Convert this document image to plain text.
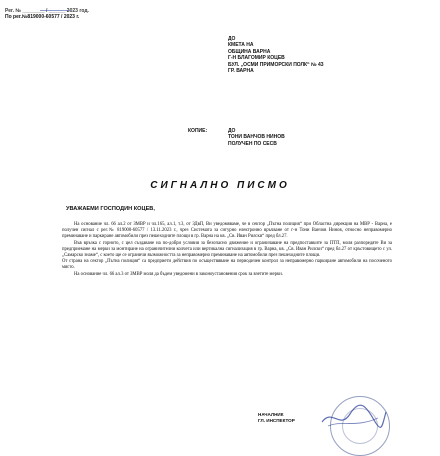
Рег. № ________ / ______ 2023 год.
По рег.№819000-60577 / 2023 г.
ДО
КМЕТА НА
ОБЩИНА ВАРНА
Г-Н БЛАГОМИР КОЦЕВ
БУЛ. „ОСМИ ПРИМОРСКИ ПОЛК“ № 43
ГР. ВАРНА
КОПИЕ:	ДО
ТОНИ ВАНЧОВ НИНОВ
ПОЛУЧЕН ПО СЕСВ
СИГНАЛНО ПИСМО
УВАЖАЕМИ ГОСПОДИН КОЦЕВ,

На основание чл. 66 ал.2 от ЗМВР и чл.165, ал.1, т.3, от ЗДвП, Ви уведомяваме, че в сектор „Пътна полиция“ при Областна дирекция на МВР - Варна, е получен сигнал с рег.№ 819000-60577 / 13.11.2023 г., чрез Системата за сигурно електронно връчване от г-н Тони Ванчов Нинов, относно неправомерно преминаване и паркиране автомобили през пешеходните площи в гр. Варна на кв. „Св. Иван Рилски“ пред бл.27.

Във връзка с горното, с цел създаване на по-добри условия за безопасно движение и ограничаване на предпоставките за ПТП, моля разпоредяте Ви за предприемане на мерки за монтиране на ограничителни колчета или вертикална сигнализация в гр. Варна, кв. „Св. Иван Рилски“ пред бл.27 от кръстовището с ул.„Самарско знаме“, с което ще се ограничи възможността за неправомерно преминаване на автомобили през пешеходните площи.

От страна на сектор „Пътна полиция“ са предприети действия по осъществяване на периодичен контрол за неправомерно паркиране автомобили на посоченото място.

На основание чл. 66 ал.3 от ЗМВР моля да бъдем уведомени в законоустановения срок за взетите мерки.

НАЧАЛНИК
ГЛ. ИНСПЕКТОР
